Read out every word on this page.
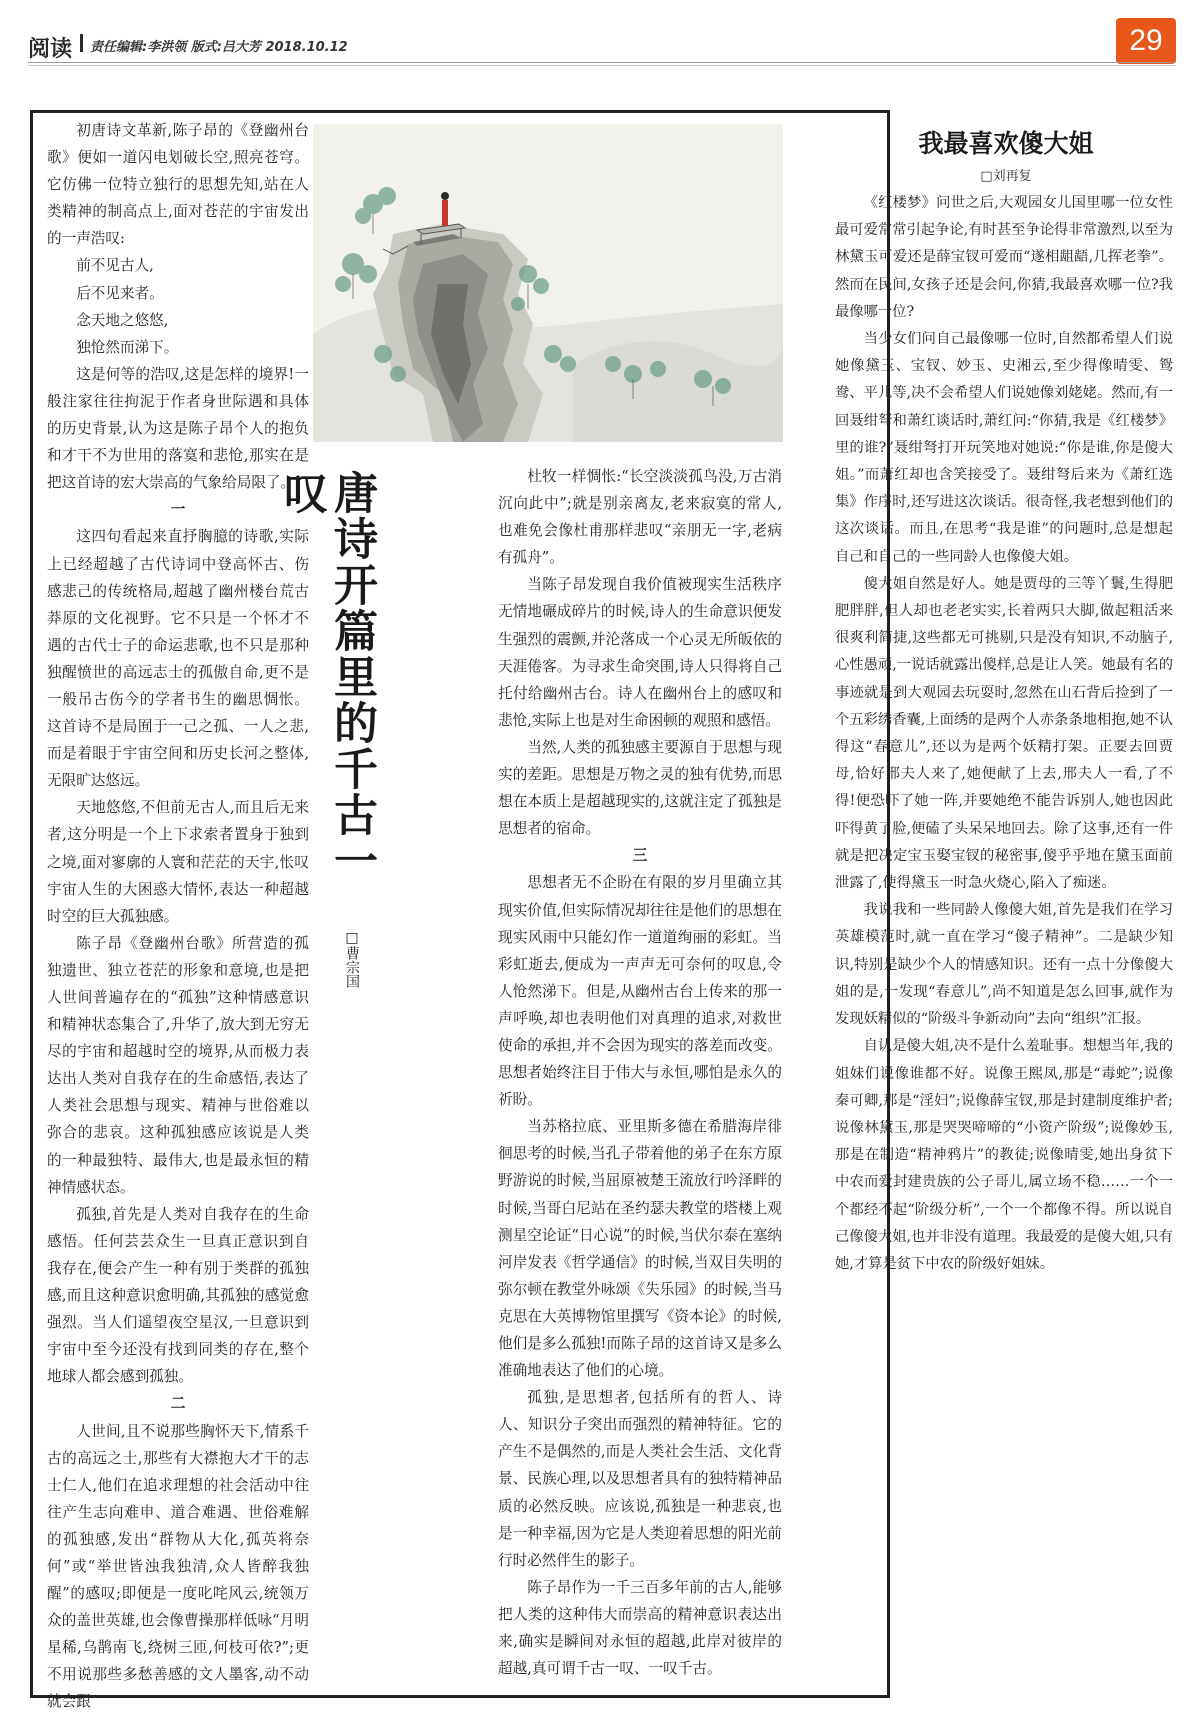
阅读 责任编辑:李洪领 版式:吕大芳 2018.10.12	29

初唐诗文革新,陈子昂的《登幽州台歌》便如一道闪电划破长空,照亮苍穹。它仿佛一位特立独行的思想先知,站在人类精神的制高点上,面对苍茫的宇宙发出的一声浩叹:

前不见古人,

后不见来者。

念天地之悠悠,

独怆然而涕下。

这是何等的浩叹,这是怎样的境界!一般注家往往拘泥于作者身世际遇和具体的历史背景,认为这是陈子昂个人的抱负和才干不为世用的落寞和悲怆,那实在是把这首诗的宏大崇高的气象给局限了。

一

这四句看起来直抒胸臆的诗歌,实际上已经超越了古代诗词中登高怀古、伤感悲己的传统格局,超越了幽州楼台荒古莽原的文化视野。它不只是一个怀才不遇的古代士子的命运悲歌,也不只是那种独醒愤世的高远志士的孤傲自命,更不是一般吊古伤今的学者书生的幽思惆怅。这首诗不是局囿于一己之孤、一人之悲,而是着眼于宇宙空间和历史长河之整体,无限旷达悠远。

天地悠悠,不但前无古人,而且后无来者,这分明是一个上下求索者置身于独到之境,面对寥廓的人寰和茫茫的天宇,怅叹宇宙人生的大困惑大情怀,表达一种超越时空的巨大孤独感。

陈子昂《登幽州台歌》所营造的孤独遗世、独立苍茫的形象和意境,也是把人世间普遍存在的“孤独”这种情感意识和精神状态集合了,升华了,放大到无穷无尽的宇宙和超越时空的境界,从而极力表达出人类对自我存在的生命感悟,表达了人类社会思想与现实、精神与世俗难以弥合的悲哀。这种孤独感应该说是人类的一种最独特、最伟大,也是最永恒的精神情感状态。

孤独,首先是人类对自我存在的生命感悟。任何芸芸众生一旦真正意识到自我存在,便会产生一种有别于类群的孤独感,而且这种意识愈明确,其孤独的感觉愈强烈。当人们遥望夜空星汉,一旦意识到宇宙中至今还没有找到同类的存在,整个地球人都会感到孤独。

二

人世间,且不说那些胸怀天下,情系千古的高远之士,那些有大襟抱大才干的志士仁人,他们在追求理想的社会活动中往往产生志向难申、道合难遇、世俗难解的孤独感,发出“群物从大化,孤英将奈何”或“举世皆浊我独清,众人皆醉我独醒”的感叹;即便是一度叱咤风云,统领万众的盖世英雄,也会像曹操那样低咏“月明星稀,乌鹊南飞,绕树三匝,何枝可依?”;更不用说那些多愁善感的文人墨客,动不动就会跟

唐诗开篇里的千古一叹
□曹宗国

杜牧一样惆怅:“长空淡淡孤鸟没,万古消沉向此中”;就是别亲离友,老来寂寞的常人,也难免会像杜甫那样悲叹“亲朋无一字,老病有孤舟”。

当陈子昂发现自我价值被现实生活秩序无情地碾成碎片的时候,诗人的生命意识便发生强烈的震颤,并沦落成一个心灵无所皈依的天涯倦客。为寻求生命突围,诗人只得将自己托付给幽州古台。诗人在幽州台上的感叹和悲怆,实际上也是对生命困顿的观照和感悟。

当然,人类的孤独感主要源自于思想与现实的差距。思想是万物之灵的独有优势,而思想在本质上是超越现实的,这就注定了孤独是思想者的宿命。

三

思想者无不企盼在有限的岁月里确立其现实价值,但实际情况却往往是他们的思想在现实风雨中只能幻作一道道绚丽的彩虹。当彩虹逝去,便成为一声声无可奈何的叹息,令人怆然涕下。但是,从幽州古台上传来的那一声呼唤,却也表明他们对真理的追求,对救世使命的承担,并不会因为现实的落差而改变。思想者始终注目于伟大与永恒,哪怕是永久的祈盼。

当苏格拉底、亚里斯多德在希腊海岸徘徊思考的时候,当孔子带着他的弟子在东方原野游说的时候,当屈原被楚王流放行吟泽畔的时候,当哥白尼站在圣约瑟夫教堂的塔楼上观测星空论证“日心说”的时候,当伏尔泰在塞纳河岸发表《哲学通信》的时候,当双目失明的弥尔顿在教堂外咏颂《失乐园》的时候,当马克思在大英博物馆里撰写《资本论》的时候,他们是多么孤独!而陈子昂的这首诗又是多么准确地表达了他们的心境。

孤独,是思想者,包括所有的哲人、诗人、知识分子突出而强烈的精神特征。它的产生不是偶然的,而是人类社会生活、文化背景、民族心理,以及思想者具有的独特精神品质的必然反映。应该说,孤独是一种悲哀,也是一种幸福,因为它是人类迎着思想的阳光前行时必然伴生的影子。

陈子昂作为一千三百多年前的古人,能够把人类的这种伟大而崇高的精神意识表达出来,确实是瞬间对永恒的超越,此岸对彼岸的超越,真可谓千古一叹、一叹千古。

我最喜欢傻大姐
□刘再复

《红楼梦》问世之后,大观园女儿国里哪一位女性最可爱常常引起争论,有时甚至争论得非常激烈,以至为林黛玉可爱还是薛宝钗可爱而“遂相龃龉,几挥老拳”。然而在民间,女孩子还是会问,你猜,我最喜欢哪一位?我最像哪一位?

当少女们问自己最像哪一位时,自然都希望人们说她像黛玉、宝钗、妙玉、史湘云,至少得像晴雯、鸳鸯、平儿等,决不会希望人们说她像刘姥姥。然而,有一回聂绀弩和萧红谈话时,萧红问:“你猜,我是《红楼梦》里的谁?”聂绀弩打开玩笑地对她说:“你是谁,你是傻大姐。”而萧红却也含笑接受了。聂绀弩后来为《萧红选集》作序时,还写进这次谈话。很奇怪,我老想到他们的这次谈话。而且,在思考“我是谁”的问题时,总是想起自己和自己的一些同龄人也像傻大姐。

傻大姐自然是好人。她是贾母的三等丫鬟,生得肥肥胖胖,但人却也老老实实,长着两只大脚,做起粗活来很爽利简捷,这些都无可挑剔,只是没有知识,不动脑子,心性愚顽,一说话就露出傻样,总是让人笑。她最有名的事迹就是到大观园去玩耍时,忽然在山石背后捡到了一个五彩绣香囊,上面绣的是两个人赤条条地相抱,她不认得这“春意儿”,还以为是两个妖精打架。正要去回贾母,恰好邢夫人来了,她便献了上去,邢夫人一看,了不得!便恐吓了她一阵,并要她绝不能告诉别人,她也因此吓得黄了脸,便磕了头呆呆地回去。除了这事,还有一件就是把决定宝玉娶宝钗的秘密事,傻乎乎地在黛玉面前泄露了,使得黛玉一时急火烧心,陷入了痴迷。

我说我和一些同龄人像傻大姐,首先是我们在学习英雄模范时,就一直在学习“傻子精神”。二是缺少知识,特别是缺少个人的情感知识。还有一点十分像傻大姐的是,一发现“春意儿”,尚不知道是怎么回事,就作为发现妖精似的“阶级斗争新动向”去向“组织”汇报。

自认是傻大姐,决不是什么羞耻事。想想当年,我的姐妹们说像谁都不好。说像王熙凤,那是“毒蛇”;说像秦可卿,那是“淫妇”;说像薛宝钗,那是封建制度维护者;说像林黛玉,那是哭哭啼啼的“小资产阶级”;说像妙玉,那是在制造“精神鸦片”的教徒;说像晴雯,她出身贫下中农而爱封建贵族的公子哥儿,属立场不稳……一个一个都经不起“阶级分析”,一个一个都像不得。所以说自己像傻大姐,也并非没有道理。我最爱的是傻大姐,只有她,才算是贫下中农的阶级好姐妹。
